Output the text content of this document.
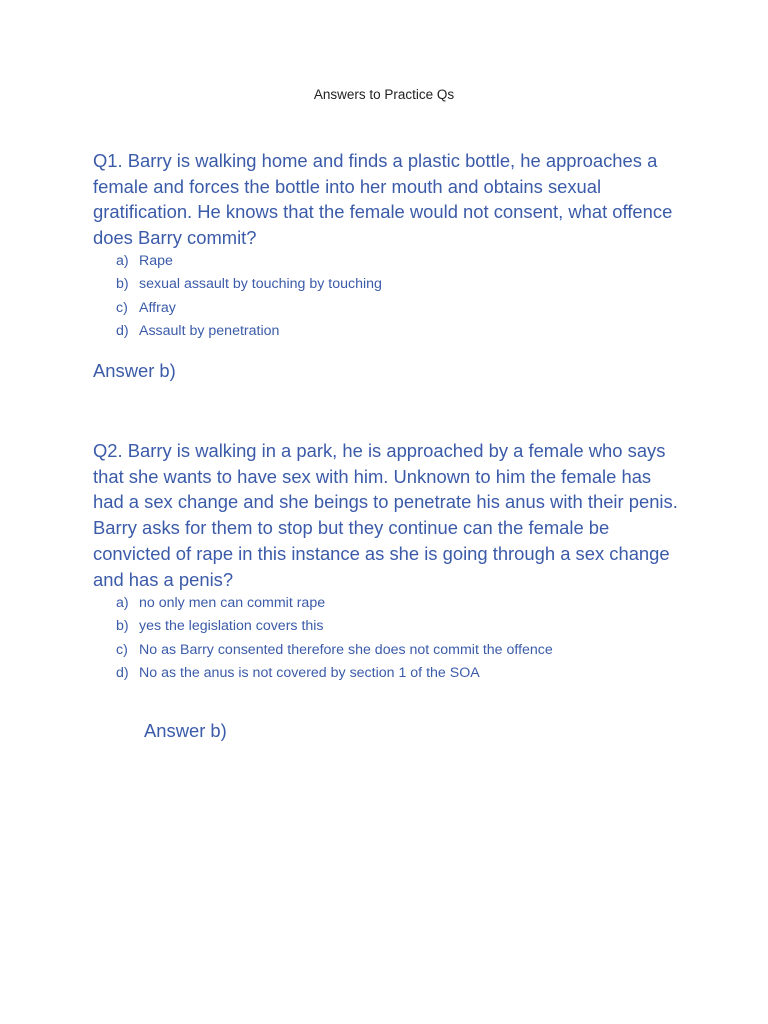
Answers to Practice Qs

Q1. Barry is walking home and finds a plastic bottle, he approaches a female and forces the bottle into her mouth and obtains sexual gratification. He knows that the female would not consent, what offence does Barry commit?

a) Rape
b) sexual assault by touching by touching
c) Affray
d) Assault by penetration
Answer b)

Q2. Barry is walking in a park, he is approached by a female who says that she wants to have sex with him. Unknown to him the female has had a sex change and she beings to penetrate his anus with their penis. Barry asks for them to stop but they continue can the female be convicted of rape in this instance as she is going through a sex change and has a penis?

a) no only men can commit rape
b) yes the legislation covers this
c) No as Barry consented therefore she does not commit the offence
d) No as the anus is not covered by section 1 of the SOA
Answer b)
